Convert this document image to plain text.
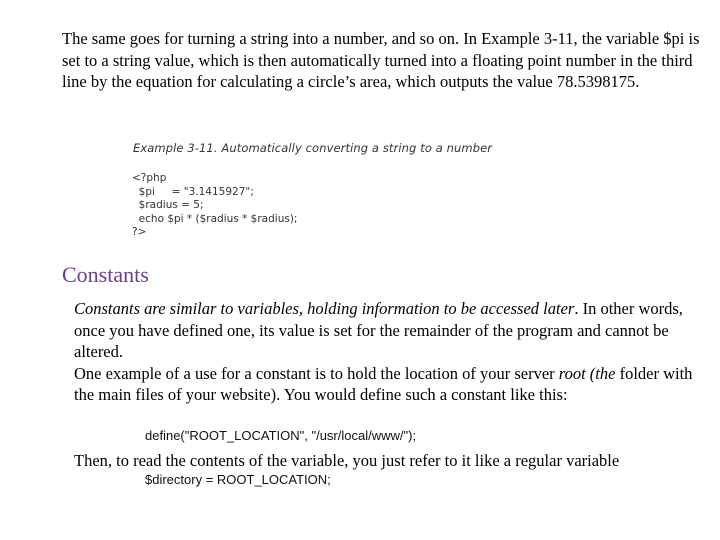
The same goes for turning a string into a number, and so on. In Example 3-11, the variable $pi is set to a string value, which is then automatically turned into a floating point number in the third line by the equation for calculating a circle’s area, which outputs the value 78.5398175.

Example 3-11. Automatically converting a string to a number
<?php
$pi     = "3.1415927";
$radius = 5;
echo $pi * ($radius * $radius);
?>
Constants

Constants are similar to variables, holding information to be accessed later. In other words, once you have defined one, its value is set for the remainder of the program and cannot be altered.

One example of a use for a constant is to hold the location of your server root (the folder with the main files of your website). You would define such a constant like this:

define("ROOT_LOCATION", "/usr/local/www/");
Then, to read the contents of the variable, you just refer to it like a regular variable
$directory = ROOT_LOCATION;
